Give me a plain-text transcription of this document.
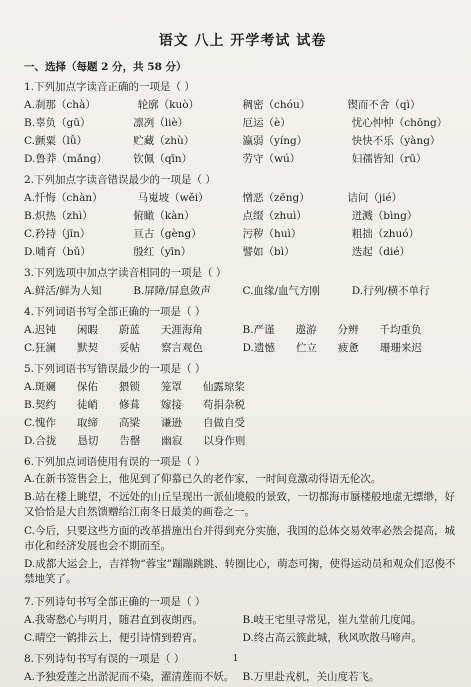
语文 八上 开学考试 试卷
一、选择（每题 2 分，共 58 分）
1.下列加点字读音正确的一项是（ ）
A.刹那（chà）	轮廓（kuò）	稠密（chóu）	锲而不舍（qì）
B.辜负（gū）	凛冽（liè）	厄运（è）	忧心忡忡（chōng）
C.颤粟（lǚ）	贮藏（zhù）	瀛弱（yíng）	快快不乐（yàng）
D.鲁莽（mǎng）	钦佩（qīn）	劳守（wú）	妇孺皆知（rū）
2.下列加点字读音错误最少的一项是（ ）
A.忏悔（chàn）	马嵬坡（wěi）	憎恶（zēng）	诘问（jié）
B.炽热（zhì）	俯瞰（kàn）	点缀（zhuì）	迸溅（bìng）
C.矜持（jīn）	亘古（gèng）	污秽（huì）	粗拙（zhuó）
D.哺育（bǔ）	殷红（yīn）	譬如（bì）	迭起（dié）
3.下列选项中加点字读音相同的一项是（ ）
A.鲜活/鲜为人知	B.屏障/屏息敛声	C.血缘/血气方刚	D.行列/横不单行
4.下列词语书写全部正确的一项是（ ）
A.迟钝　　闲暇　　蔚蓝　　天涯海角	B.严谨　　遨游　　分辨　　千均重负
C.狂澜　　默契　　妥帖　　察言观色	D.遗憾　　伫立　　疲惫　　珊珊来迟
5.下列词语书写错误最少的一项是（ ）
A.斑斓　　保佑　　猥锁　　笼罩　　仙露琼桨
B.契约　　徒峭　　修葺　　嫁接　　苟捐杂税
C.愧作　　取缔　　高梁　　谦逊　　自做自受
D.合拢　　恳切　　告罄　　幽寂　　以身作则
6.下列加点词语使用有误的一项是（ ）
A.在新书签售会上，他见到了仰慕已久的老作家，一时间竟激动得语无伦次。
B.站在楼上眺望，不远处的山丘呈现出一派仙境般的景致，一切都海市蜃楼般地虚无缥缈，好又恰恰是大自然馈赠给江南冬日最美的画卷之一。
C.今后，只要这些方面的改革措施出台并得到充分实施，我国的总体交易效率必然会提高，城市化和经济发展也会不期而至。
D.成都大运会上，吉祥物“蓉宝”蹦蹦跳跳、转圈比心，萌态可掬，使得运动员和观众们忍俊不禁地笑了。
7.下列诗句书写全部正确的一项是（ ）
A.我寄愁心与明月，随君直到夜朗西。	B.岐王宅里寻常见，崔九堂前几度闻。
C.晴空一鹤排云上，便引诗情到碧宵。	D.终古高云簇此城，秋风吹散马啼声。
8.下列诗句书写有误的一项是（ ）
A.予独爱莲之出淤泥而不染，濯清莲而不妖。 B.万里赴戎机，关山度若飞。
1
